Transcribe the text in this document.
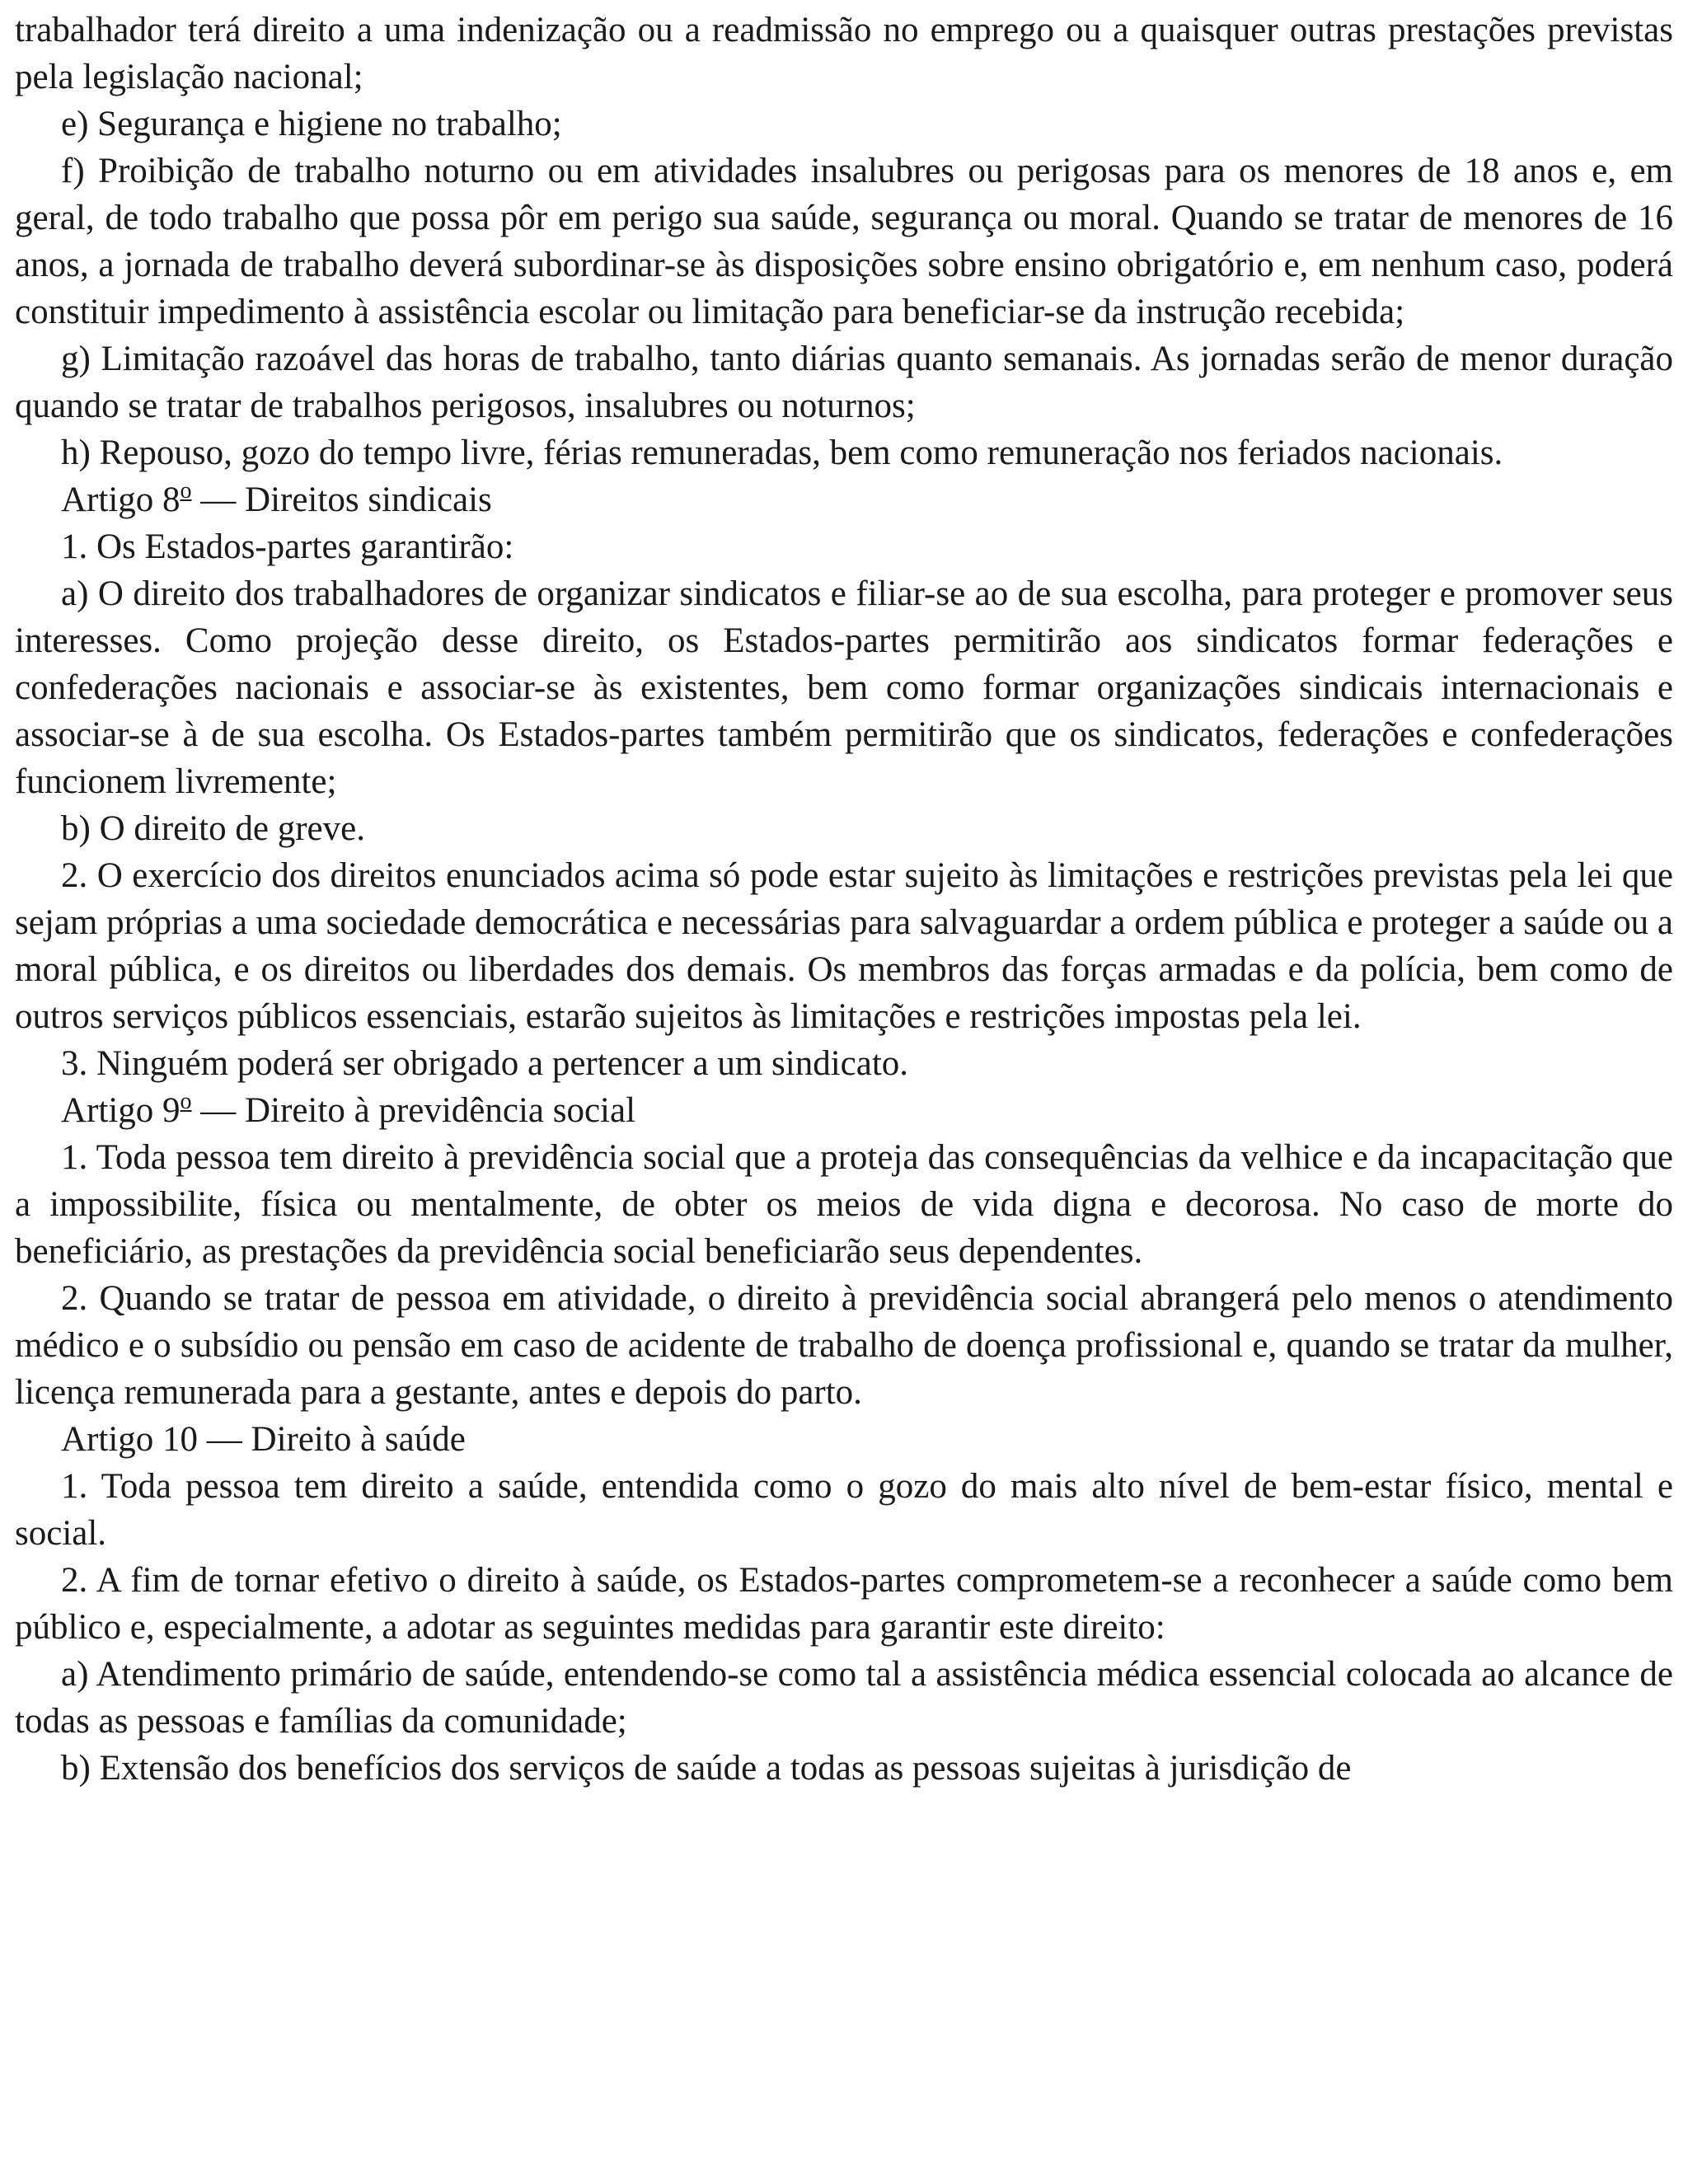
trabalhador terá direito a uma indenização ou a readmissão no emprego ou a quaisquer outras prestações previstas pela legislação nacional;

e) Segurança e higiene no trabalho;

f) Proibição de trabalho noturno ou em atividades insalubres ou perigosas para os menores de 18 anos e, em geral, de todo trabalho que possa pôr em perigo sua saúde, segurança ou moral. Quando se tratar de menores de 16 anos, a jornada de trabalho deverá subordinar-se às disposições sobre ensino obrigatório e, em nenhum caso, poderá constituir impedimento à assistência escolar ou limitação para beneficiar-se da instrução recebida;

g) Limitação razoável das horas de trabalho, tanto diárias quanto semanais. As jornadas serão de menor duração quando se tratar de trabalhos perigosos, insalubres ou noturnos;

h) Repouso, gozo do tempo livre, férias remuneradas, bem como remuneração nos feriados nacionais.

Artigo 8$^o$ — Direitos sindicais

1. Os Estados-partes garantirão:

a) O direito dos trabalhadores de organizar sindicatos e filiar-se ao de sua escolha, para proteger e promover seus interesses. Como projeção desse direito, os Estados-partes permitirão aos sindicatos formar federações e confederações nacionais e associar-se às existentes, bem como formar organizações sindicais internacionais e associar-se à de sua escolha. Os Estados-partes também permitirão que os sindicatos, federações e confederações funcionem livremente;

b) O direito de greve.

2. O exercício dos direitos enunciados acima só pode estar sujeito às limitações e restrições previstas pela lei que sejam próprias a uma sociedade democrática e necessárias para salvaguardar a ordem pública e proteger a saúde ou a moral pública, e os direitos ou liberdades dos demais. Os membros das forças armadas e da polícia, bem como de outros serviços públicos essenciais, estarão sujeitos às limitações e restrições impostas pela lei.

3. Ninguém poderá ser obrigado a pertencer a um sindicato.

Artigo 9$^o$ — Direito à previdência social

1. Toda pessoa tem direito à previdência social que a proteja das consequências da velhice e da incapacitação que a impossibilite, física ou mentalmente, de obter os meios de vida digna e decorosa. No caso de morte do beneficiário, as prestações da previdência social beneficiarão seus dependentes.

2. Quando se tratar de pessoa em atividade, o direito à previdência social abrangerá pelo menos o atendimento médico e o subsídio ou pensão em caso de acidente de trabalho de doença profissional e, quando se tratar da mulher, licença remunerada para a gestante, antes e depois do parto.

Artigo 10 — Direito à saúde

1. Toda pessoa tem direito a saúde, entendida como o gozo do mais alto nível de bem-estar físico, mental e social.

2. A fim de tornar efetivo o direito à saúde, os Estados-partes comprometem-se a reconhecer a saúde como bem público e, especialmente, a adotar as seguintes medidas para garantir este direito:

a) Atendimento primário de saúde, entendendo-se como tal a assistência médica essencial colocada ao alcance de todas as pessoas e famílias da comunidade;

b) Extensão dos benefícios dos serviços de saúde a todas as pessoas sujeitas à jurisdição de
